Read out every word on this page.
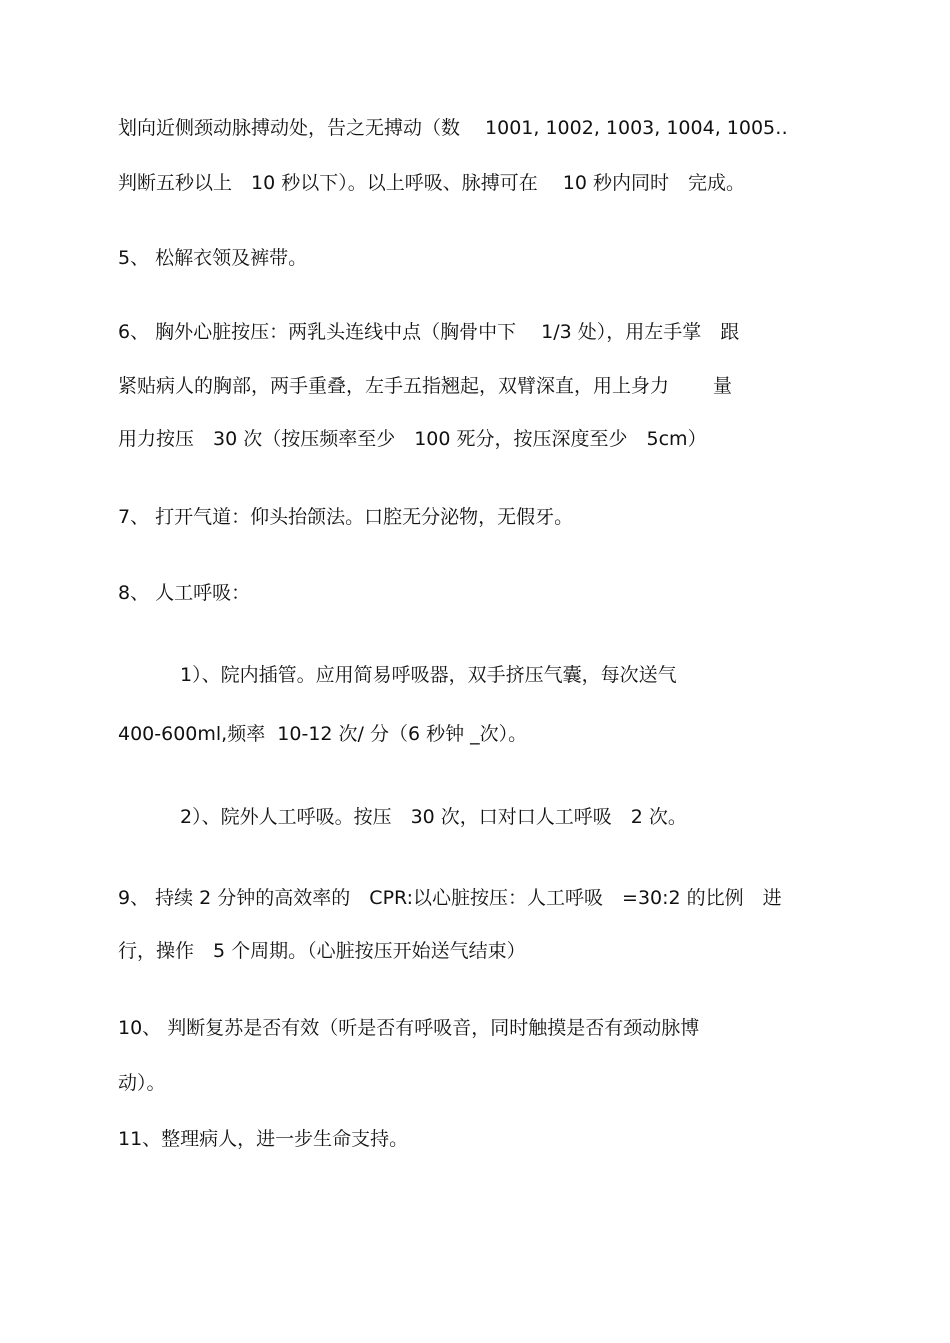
划向近侧颈动脉搏动处，告之无搏动（数　 1001, 1002, 1003, 1004, 1005‥
判断五秒以上　10 秒以下）。以上呼吸、脉搏可在　 10 秒内同时　完成。
5、 松解衣领及裤带。
6、 胸外心脏按压：两乳头连线中点（胸骨中下　 1/3 处），用左手掌　跟
紧贴病人的胸部，两手重叠，左手五指翘起，双臂深直，用上身力　　 量
用力按压　30 次（按压频率至少　100 死分，按压深度至少　5cm）
7、 打开气道：仰头抬颌法。口腔无分泌物，无假牙。
8、 人工呼吸：
1）、院内插管。应用简易呼吸器，双手挤压气囊，每次送气
400-600ml,频率  10-12 次/ 分（6 秒钟 _次）。
2）、院外人工呼吸。按压　30 次，口对口人工呼吸　2 次。
9、 持续 2 分钟的高效率的　CPR:以心脏按压：人工呼吸　=30:2 的比例　进
行，操作　5 个周期。（心脏按压开始送气结束）
10、 判断复苏是否有效（听是否有呼吸音，同时触摸是否有颈动脉博
动）。
11、整理病人，进一步生命支持。
